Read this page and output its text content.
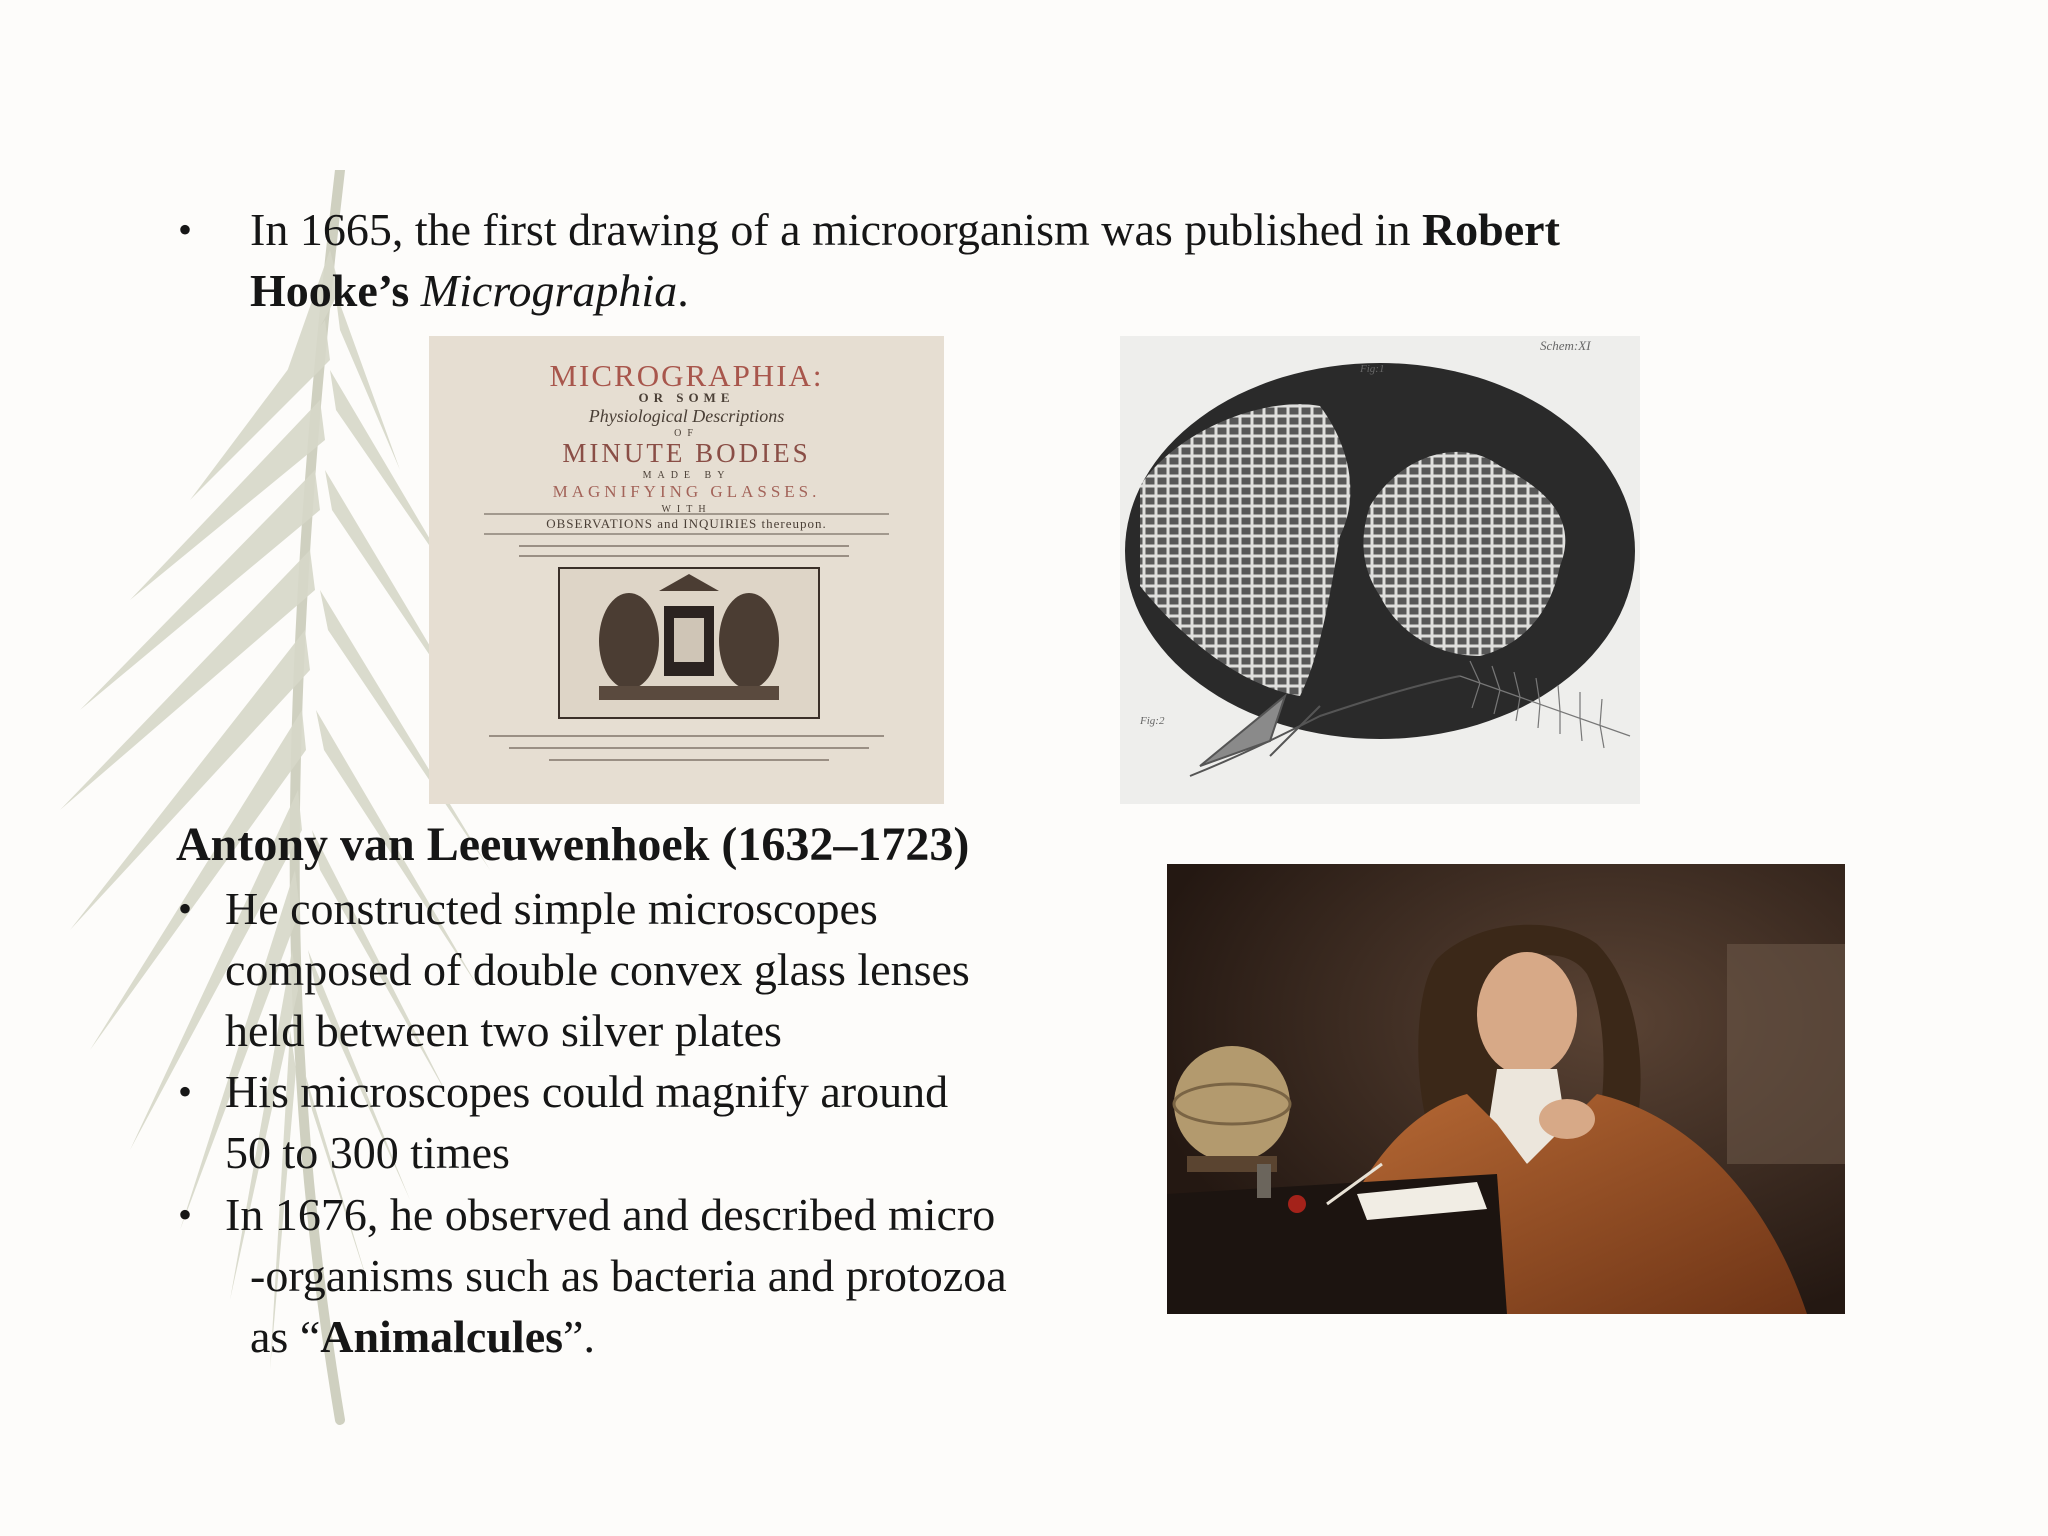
• In 1665, the first drawing of a microorganism was published in Robert
Hooke’s Micrographia.
MICROGRAPHIA:
OR SOME
Physiological Descriptions
OF
MINUTE BODIES
MADE BY
MAGNIFYING GLASSES.
WITH
OBSERVATIONS and INQUIRIES thereupon.
Schem:XI
Fig:1
Fig:2
Antony van Leeuwenhoek (1632–1723)
• He constructed simple microscopes
composed of double convex glass lenses
held between two silver plates
• His microscopes could magnify around
50 to 300 times
• In 1676, he observed and described micro
-organisms such as bacteria and protozoa
as “Animalcules”.
